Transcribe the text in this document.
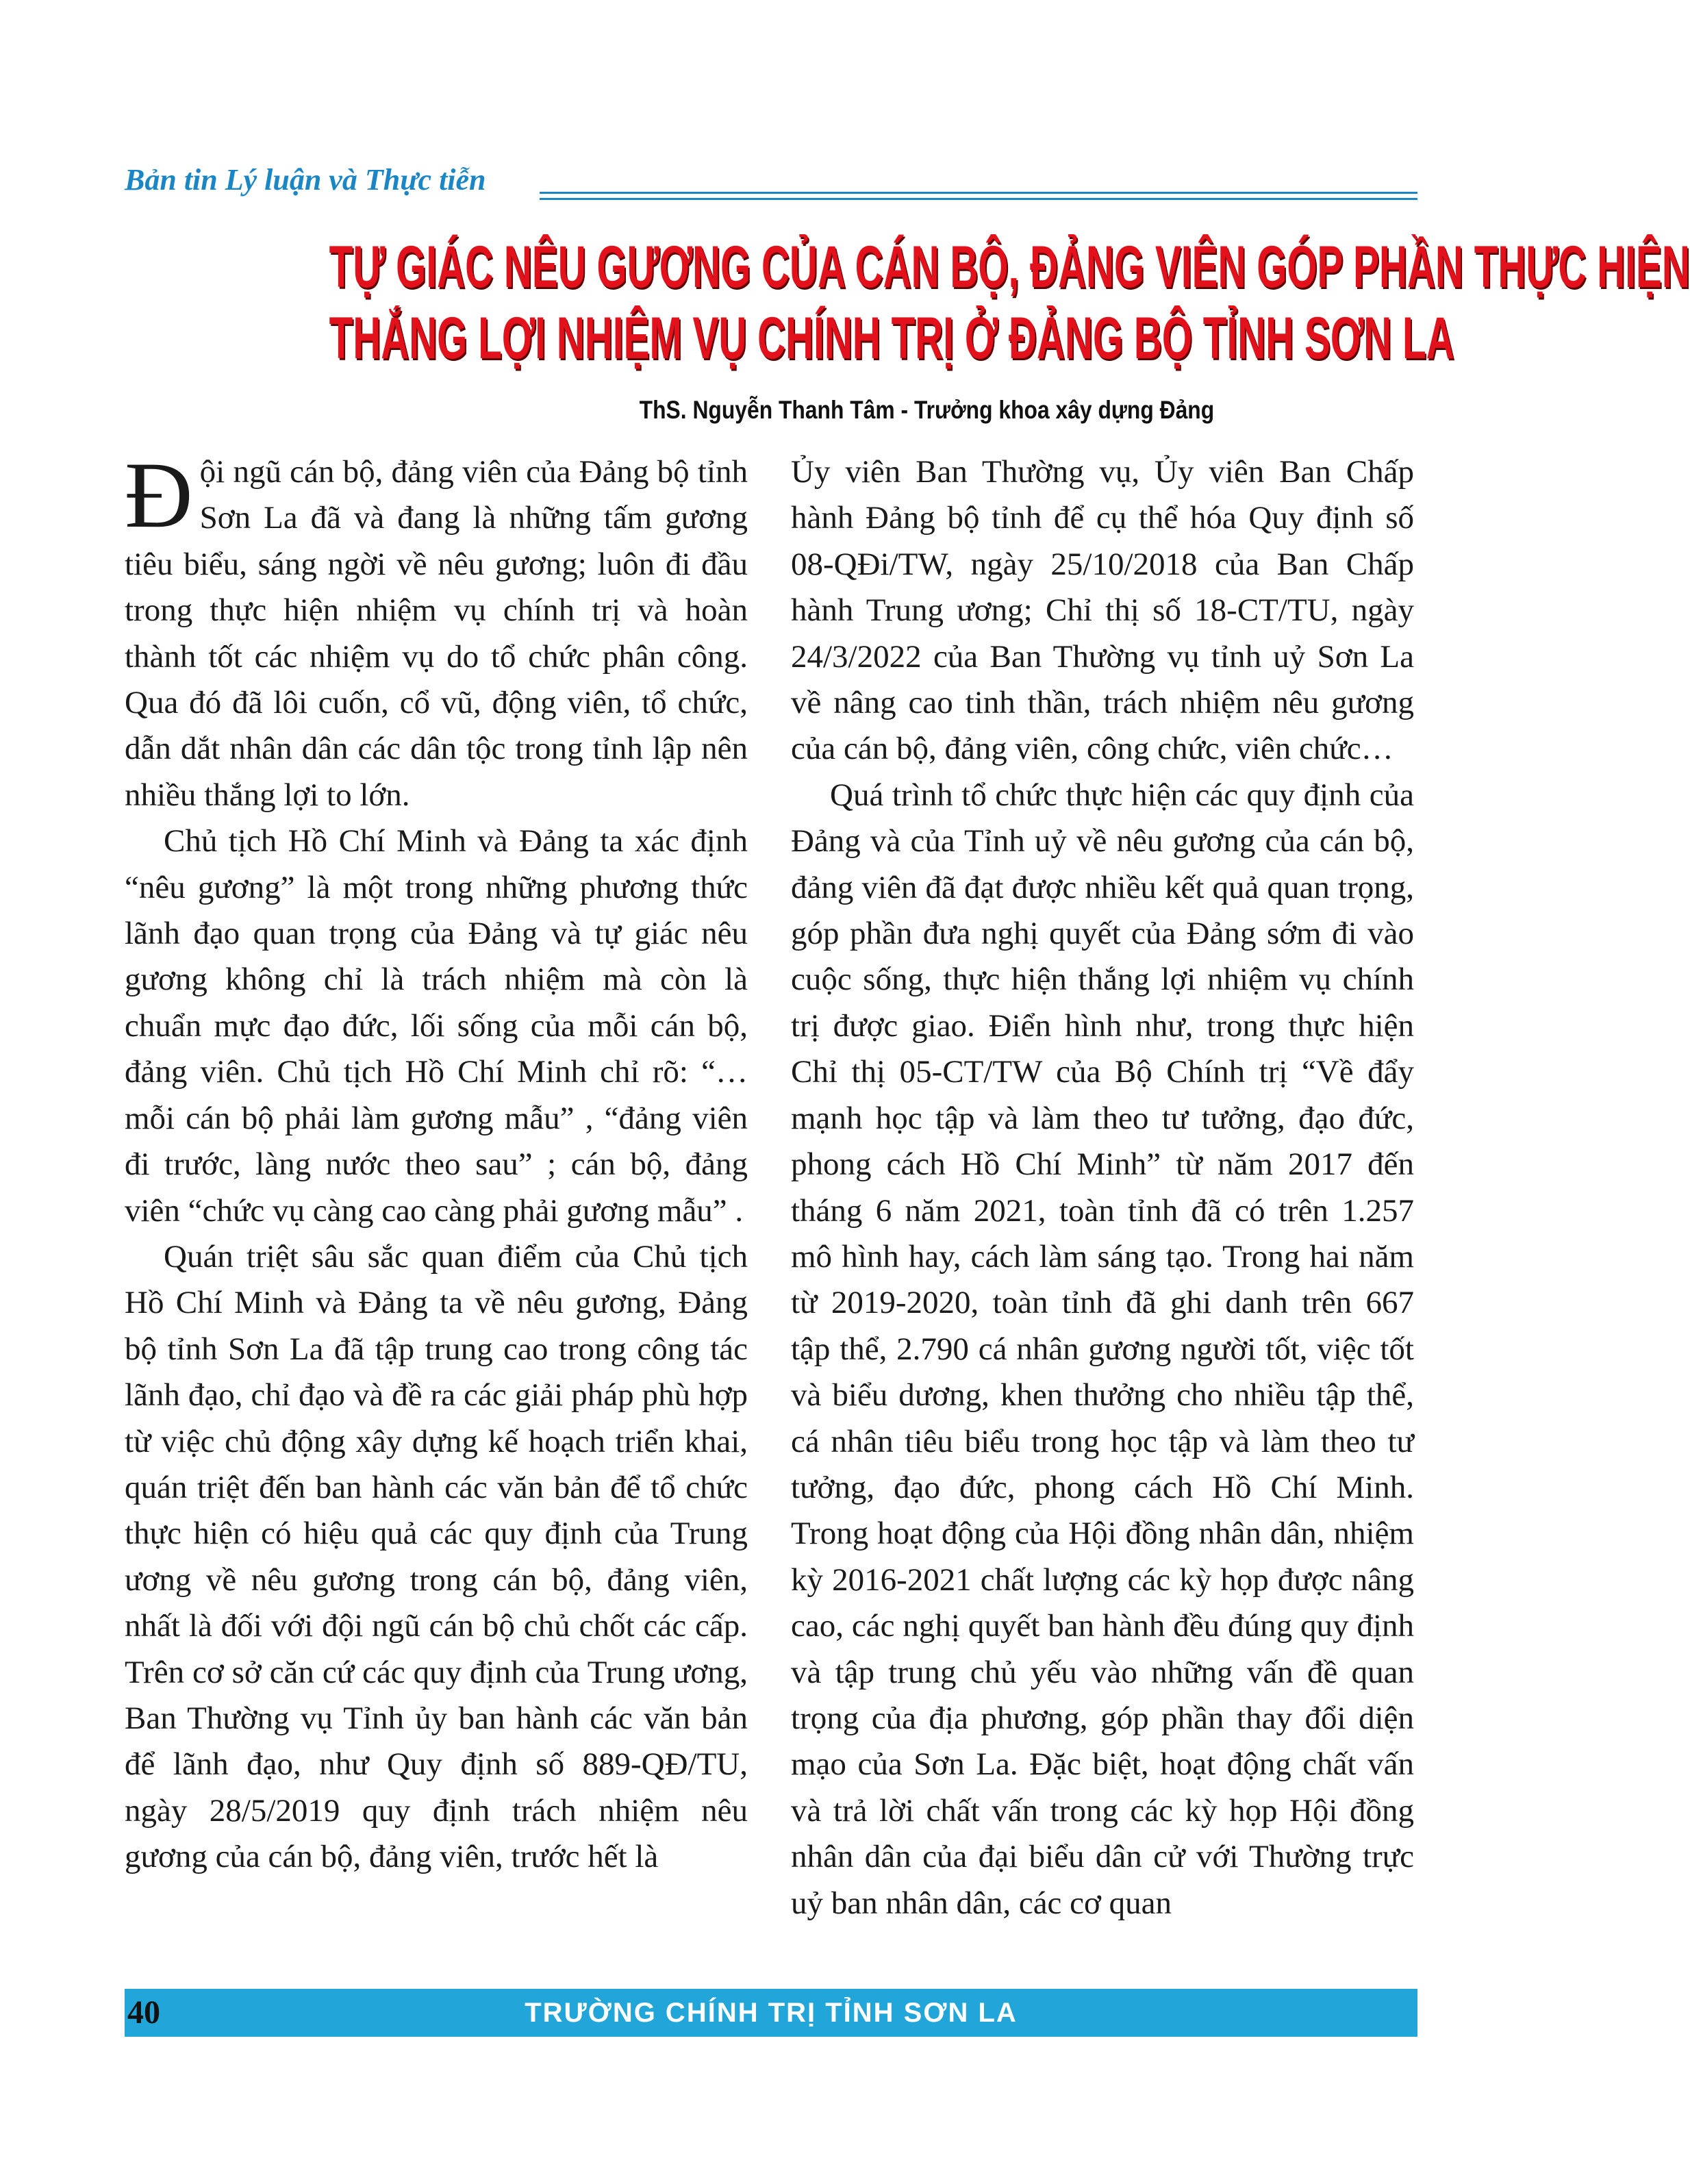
Bản tin Lý luận và Thực tiễn
TỰ GIÁC NÊU GƯƠNG CỦA CÁN BỘ, ĐẢNG VIÊN GÓP PHẦN THỰC HIỆN
THẮNG LỢI NHIỆM VỤ CHÍNH TRỊ Ở ĐẢNG BỘ TỈNH SƠN LA
ThS. Nguyễn Thanh Tâm - Trưởng khoa xây dựng Đảng

Đội ngũ cán bộ, đảng viên của Đảng bộ tỉnh Sơn La đã và đang là những tấm gương tiêu biểu, sáng ngời về nêu gương; luôn đi đầu trong thực hiện nhiệm vụ chính trị và hoàn thành tốt các nhiệm vụ do tổ chức phân công. Qua đó đã lôi cuốn, cổ vũ, động viên, tổ chức, dẫn dắt nhân dân các dân tộc trong tỉnh lập nên nhiều thắng lợi to lớn.

Chủ tịch Hồ Chí Minh và Đảng ta xác định “nêu gương” là một trong những phương thức lãnh đạo quan trọng của Đảng và tự giác nêu gương không chỉ là trách nhiệm mà còn là chuẩn mực đạo đức, lối sống của mỗi cán bộ, đảng viên. Chủ tịch Hồ Chí Minh chỉ rõ: “… mỗi cán bộ phải làm gương mẫu” , “đảng viên đi trước, làng nước theo sau” ; cán bộ, đảng viên “chức vụ càng cao càng phải gương mẫu” .

Quán triệt sâu sắc quan điểm của Chủ tịch Hồ Chí Minh và Đảng ta về nêu gương, Đảng bộ tỉnh Sơn La đã tập trung cao trong công tác lãnh đạo, chỉ đạo và đề ra các giải pháp phù hợp từ việc chủ động xây dựng kế hoạch triển khai, quán triệt đến ban hành các văn bản để tổ chức thực hiện có hiệu quả các quy định của Trung ương về nêu gương trong cán bộ, đảng viên, nhất là đối với đội ngũ cán bộ chủ chốt các cấp. Trên cơ sở căn cứ các quy định của Trung ương, Ban Thường vụ Tỉnh ủy ban hành các văn bản để lãnh đạo, như Quy định số 889-QĐ/TU, ngày 28/5/2019 quy định trách nhiệm nêu gương của cán bộ, đảng viên, trước hết là

Ủy viên Ban Thường vụ, Ủy viên Ban Chấp hành Đảng bộ tỉnh để cụ thể hóa Quy định số 08-QĐi/TW, ngày 25/10/2018 của Ban Chấp hành Trung ương; Chỉ thị số 18-CT/TU, ngày 24/3/2022 của Ban Thường vụ tỉnh uỷ Sơn La về nâng cao tinh thần, trách nhiệm nêu gương của cán bộ, đảng viên, công chức, viên chức…

Quá trình tổ chức thực hiện các quy định của Đảng và của Tỉnh uỷ về nêu gương của cán bộ, đảng viên đã đạt được nhiều kết quả quan trọng, góp phần đưa nghị quyết của Đảng sớm đi vào cuộc sống, thực hiện thắng lợi nhiệm vụ chính trị được giao. Điển hình như, trong thực hiện Chỉ thị 05-CT/TW của Bộ Chính trị “Về đẩy mạnh học tập và làm theo tư tưởng, đạo đức, phong cách Hồ Chí Minh” từ năm 2017 đến tháng 6 năm 2021, toàn tỉnh đã có trên 1.257 mô hình hay, cách làm sáng tạo. Trong hai năm từ 2019-2020, toàn tỉnh đã ghi danh trên 667 tập thể, 2.790 cá nhân gương người tốt, việc tốt và biểu dương, khen thưởng cho nhiều tập thể, cá nhân tiêu biểu trong học tập và làm theo tư tưởng, đạo đức, phong cách Hồ Chí Minh. Trong hoạt động của Hội đồng nhân dân, nhiệm kỳ 2016-2021 chất lượng các kỳ họp được nâng cao, các nghị quyết ban hành đều đúng quy định và tập trung chủ yếu vào những vấn đề quan trọng của địa phương, góp phần thay đổi diện mạo của Sơn La. Đặc biệt, hoạt động chất vấn và trả lời chất vấn trong các kỳ họp Hội đồng nhân dân của đại biểu dân cử với Thường trực uỷ ban nhân dân, các cơ quan

40	TRƯỜNG CHÍNH TRỊ TỈNH SƠN LA
